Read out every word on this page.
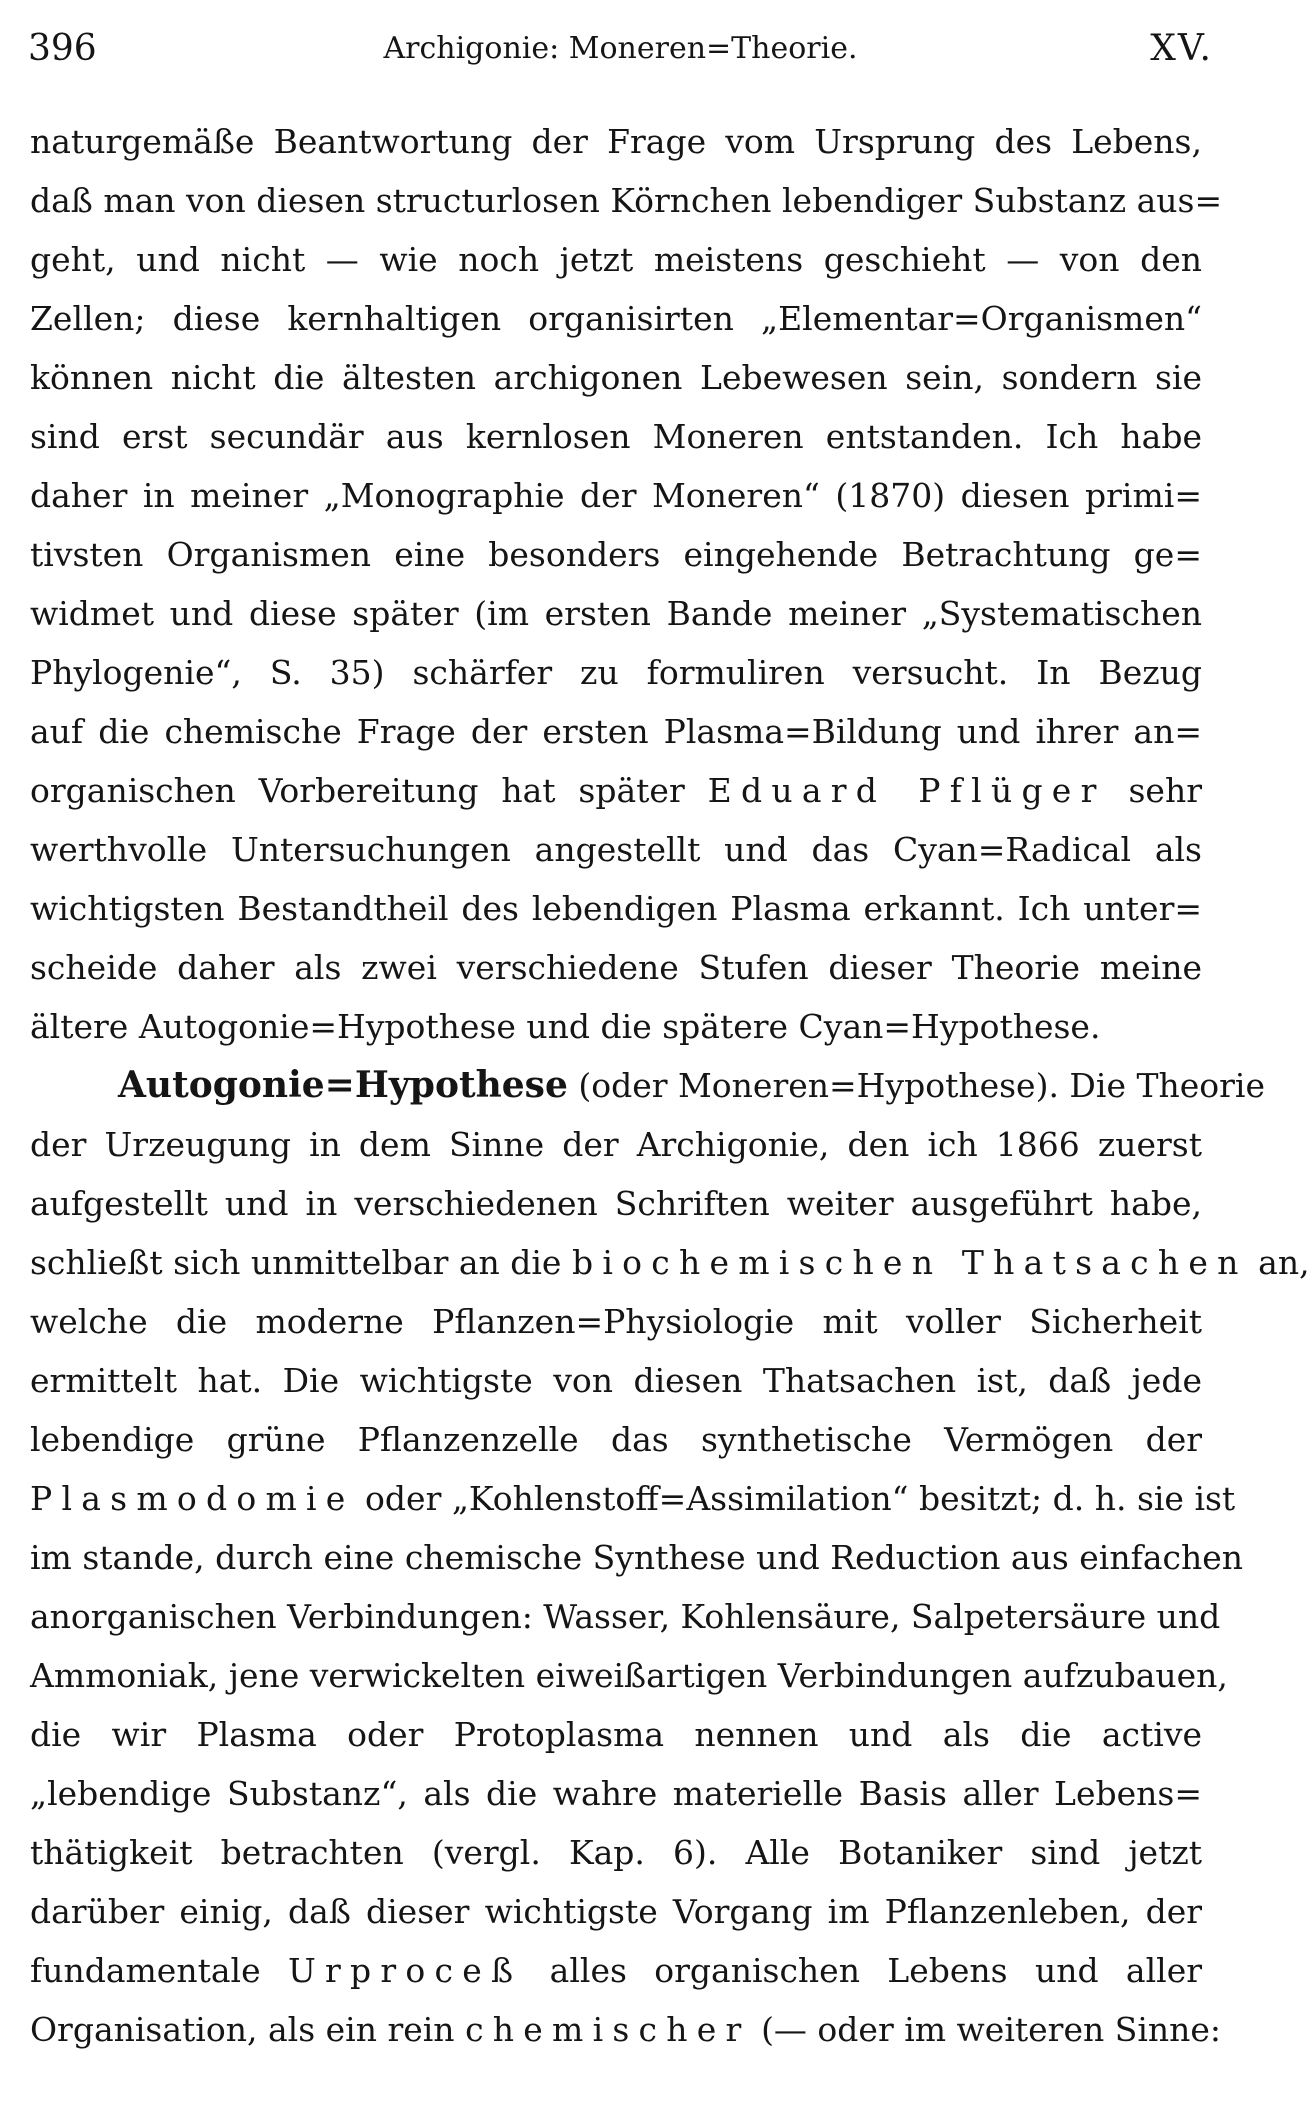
396	Archigonie: Moneren=Theorie.	XV.
naturgemäße Beantwortung der Frage vom Ursprung des Lebens,
daß man von diesen structurlosen Körnchen lebendiger Substanz aus=
geht, und nicht — wie noch jetzt meistens geschieht — von den
Zellen; diese kernhaltigen organisirten „Elementar=Organismen“
können nicht die ältesten archigonen Lebewesen sein, sondern sie
sind erst secundär aus kernlosen Moneren entstanden. Ich habe
daher in meiner „Monographie der Moneren“ (1870) diesen primi=
tivsten Organismen eine besonders eingehende Betrachtung ge=
widmet und diese später (im ersten Bande meiner „Systematischen
Phylogenie“, S. 35) schärfer zu formuliren versucht. In Bezug
auf die chemische Frage der ersten Plasma=Bildung und ihrer an=
organischen Vorbereitung hat später Eduard Pflüger sehr
werthvolle Untersuchungen angestellt und das Cyan=Radical als
wichtigsten Bestandtheil des lebendigen Plasma erkannt. Ich unter=
scheide daher als zwei verschiedene Stufen dieser Theorie meine
ältere Autogonie=Hypothese und die spätere Cyan=Hypothese.
Autogonie=Hypothese (oder Moneren=Hypothese). Die Theorie
der Urzeugung in dem Sinne der Archigonie, den ich 1866 zuerst
aufgestellt und in verschiedenen Schriften weiter ausgeführt habe,
schließt sich unmittelbar an die biochemischen Thatsachen an,
welche die moderne Pflanzen=Physiologie mit voller Sicherheit
ermittelt hat. Die wichtigste von diesen Thatsachen ist, daß jede
lebendige grüne Pflanzenzelle das synthetische Vermögen der
Plasmodomie oder „Kohlenstoff=Assimilation“ besitzt; d. h. sie ist
im stande, durch eine chemische Synthese und Reduction aus einfachen
anorganischen Verbindungen: Wasser, Kohlensäure, Salpetersäure und
Ammoniak, jene verwickelten eiweißartigen Verbindungen aufzubauen,
die wir Plasma oder Protoplasma nennen und als die active
„lebendige Substanz“, als die wahre materielle Basis aller Lebens=
thätigkeit betrachten (vergl. Kap. 6). Alle Botaniker sind jetzt
darüber einig, daß dieser wichtigste Vorgang im Pflanzenleben, der
fundamentale Urproceß alles organischen Lebens und aller
Organisation, als ein rein chemischer (— oder im weiteren Sinne:
